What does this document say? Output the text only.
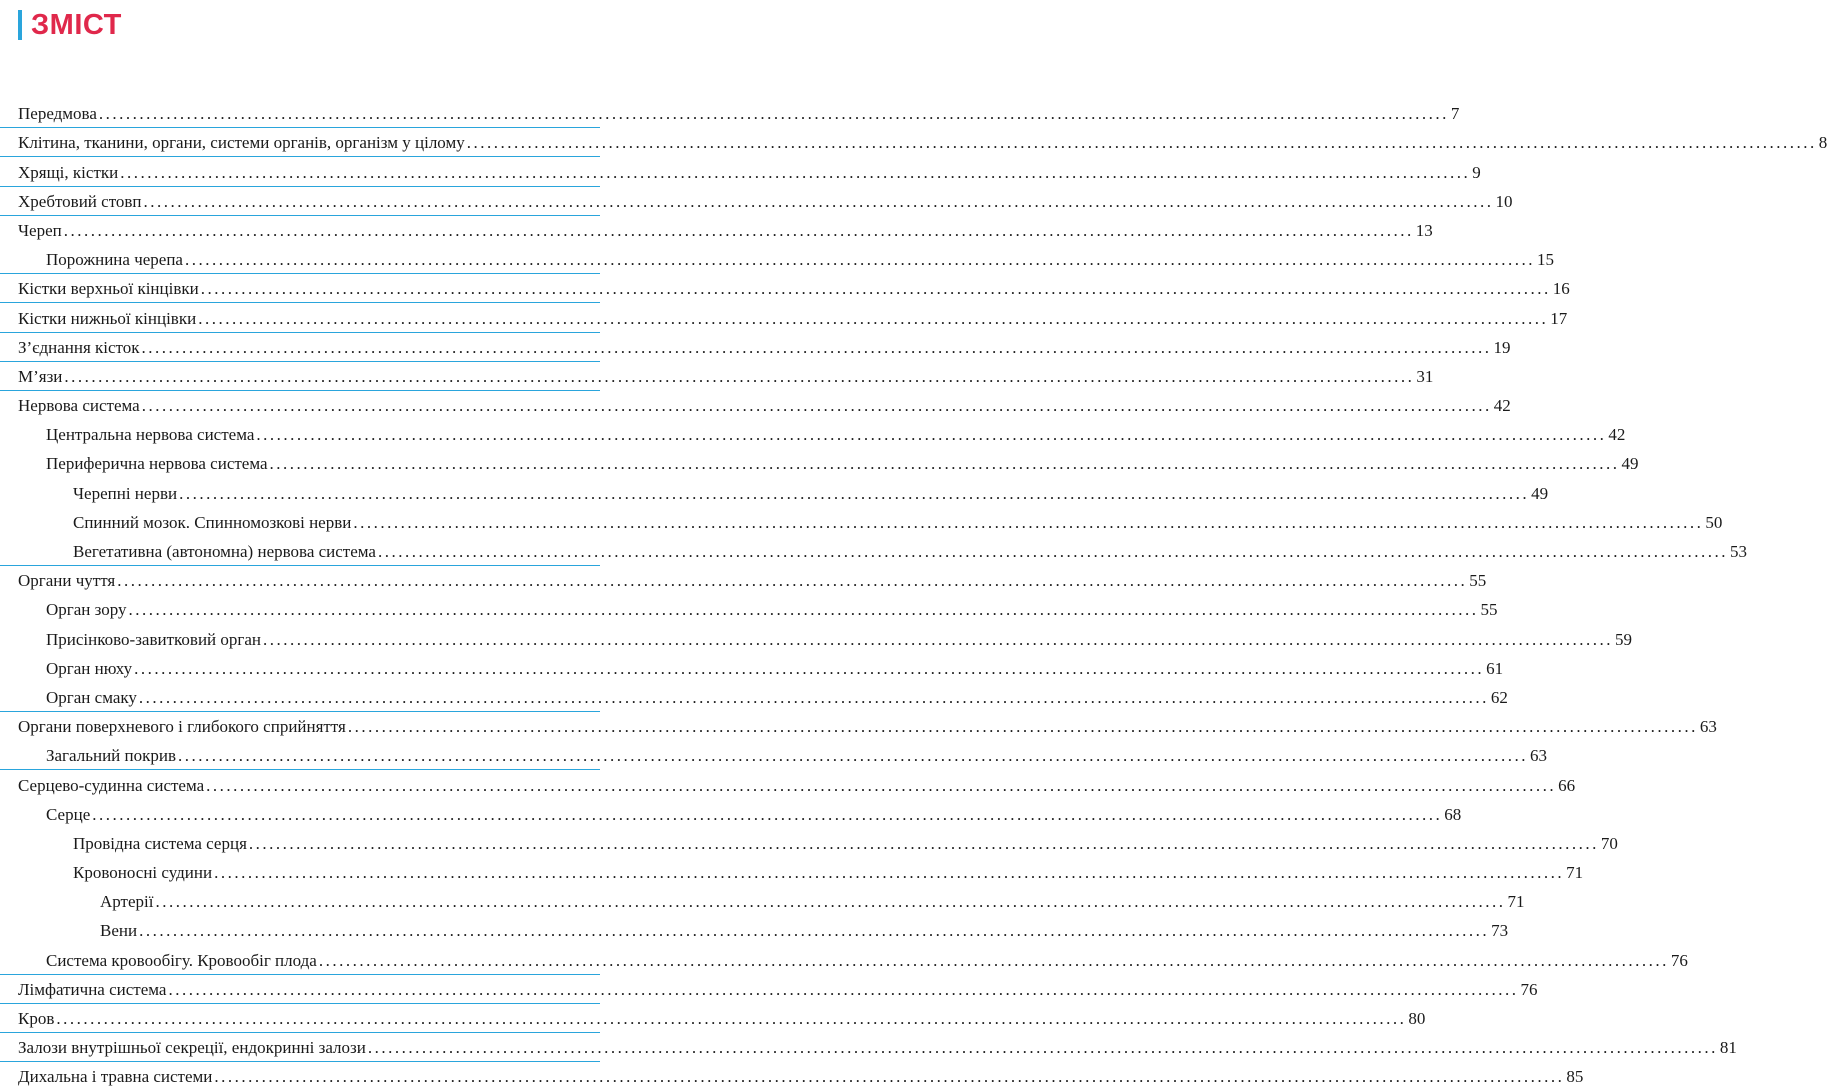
ЗМІСТ
Передмова ........................................................................................................................................................................................................ 7
Клітина, тканини, органи, системи органів, організм у цілому ........................................................................................................................................................................................................ 8
Хрящі, кістки ........................................................................................................................................................................................................ 9
Хребтовий стовп ........................................................................................................................................................................................................ 10
Череп ........................................................................................................................................................................................................ 13
Порожнина черепа ........................................................................................................................................................................................................ 15
Кістки верхньої кінцівки ........................................................................................................................................................................................................ 16
Кістки нижньої кінцівки ........................................................................................................................................................................................................ 17
З’єднання кісток ........................................................................................................................................................................................................ 19
М’язи ........................................................................................................................................................................................................ 31
Нервова система ........................................................................................................................................................................................................ 42
Центральна нервова система ........................................................................................................................................................................................................ 42
Периферична нервова система ........................................................................................................................................................................................................ 49
Черепні нерви ........................................................................................................................................................................................................ 49
Спинний мозок. Спинномозкові нерви ........................................................................................................................................................................................................ 50
Вегетативна (автономна) нервова система ........................................................................................................................................................................................................ 53
Органи чуття ........................................................................................................................................................................................................ 55
Орган зору ........................................................................................................................................................................................................ 55
Присінково-завитковий орган ........................................................................................................................................................................................................ 59
Орган нюху ........................................................................................................................................................................................................ 61
Орган смаку ........................................................................................................................................................................................................ 62
Органи поверхневого і глибокого сприйняття ........................................................................................................................................................................................................ 63
Загальний покрив ........................................................................................................................................................................................................ 63
Серцево-судинна система ........................................................................................................................................................................................................ 66
Серце ........................................................................................................................................................................................................ 68
Провідна система серця ........................................................................................................................................................................................................ 70
Кровоносні судини ........................................................................................................................................................................................................ 71
Артерії ........................................................................................................................................................................................................ 71
Вени ........................................................................................................................................................................................................ 73
Система кровообігу. Кровообіг плода ........................................................................................................................................................................................................ 76
Лімфатична система ........................................................................................................................................................................................................ 76
Кров ........................................................................................................................................................................................................ 80
Залози внутрішньої секреції, ендокринні залози ........................................................................................................................................................................................................ 81
Дихальна і травна системи ........................................................................................................................................................................................................ 85
